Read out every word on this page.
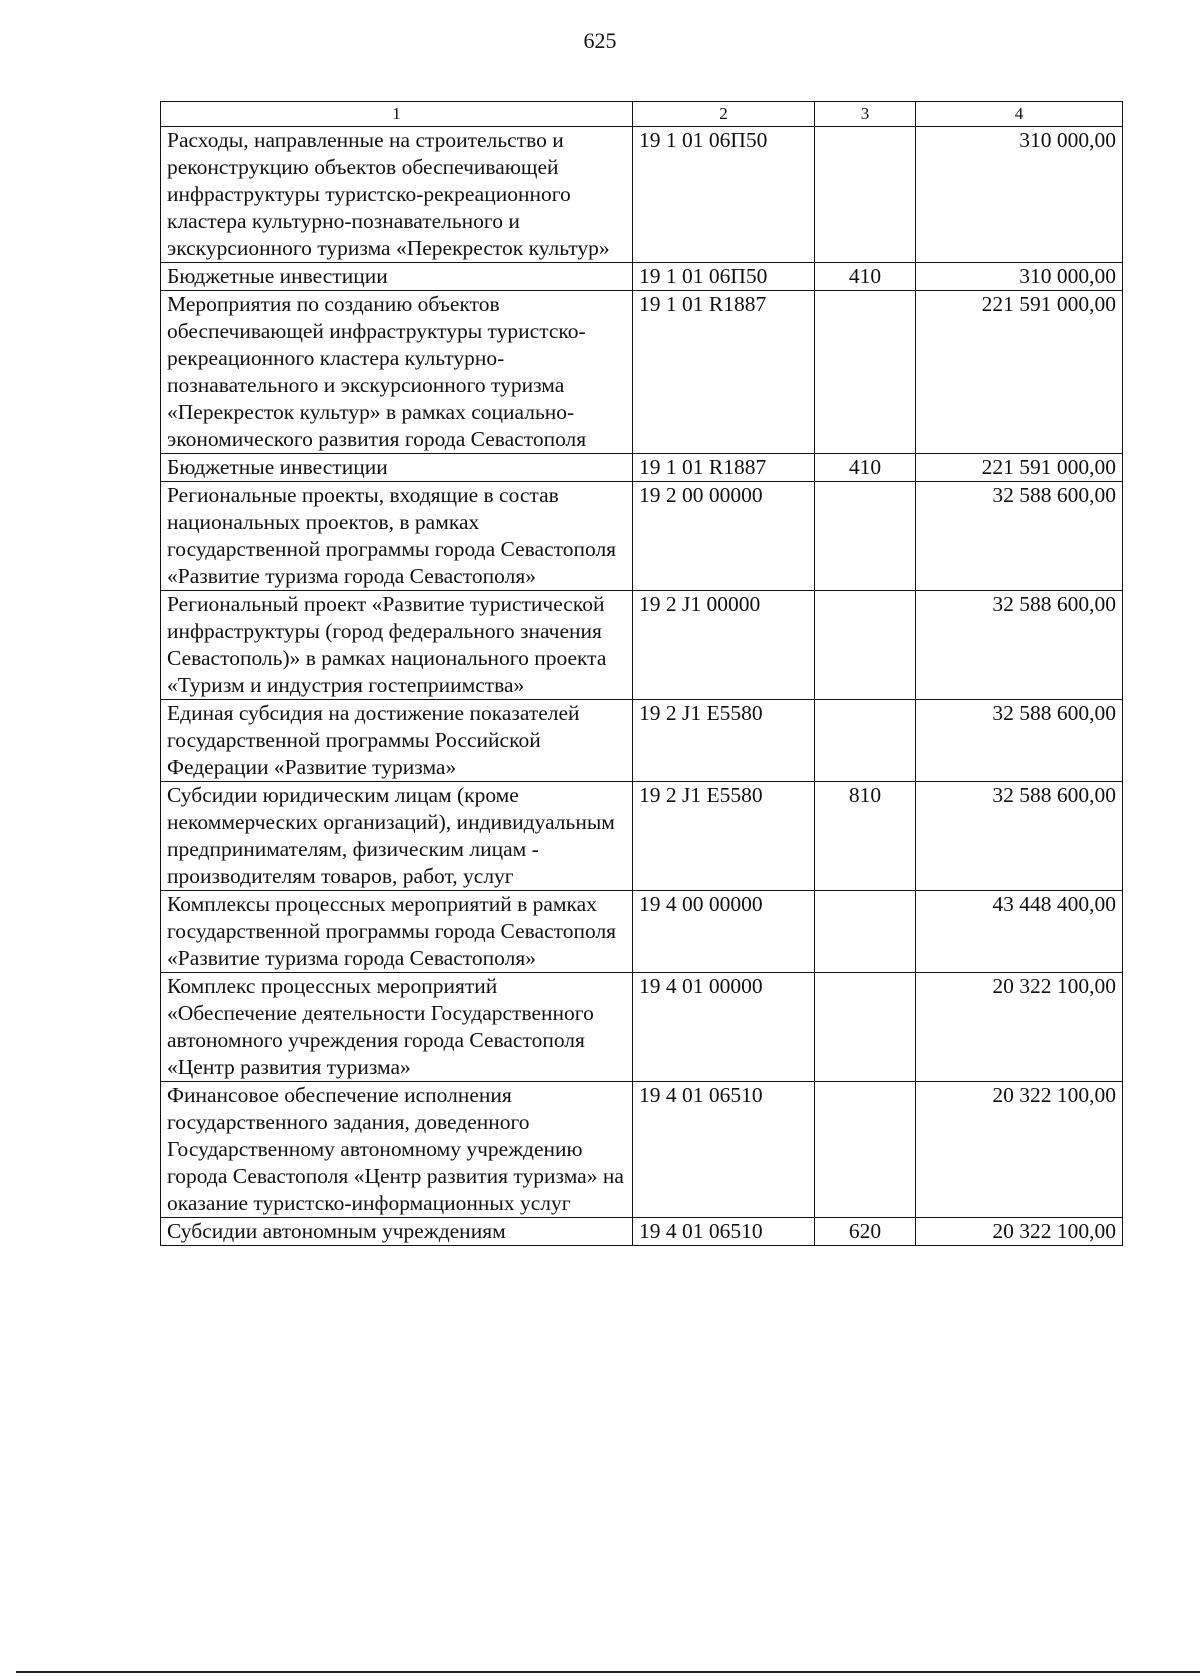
625
1	2	3	4
Расходы, направленные на строительство и реконструкцию объектов обеспечивающей инфраструктуры туристско-рекреационного кластера культурно-познавательного и экскурсионного туризма «Перекресток культур»	19 1 01 06П50		310 000,00
Бюджетные инвестиции	19 1 01 06П50	410	310 000,00
Мероприятия по созданию объектов обеспечивающей инфраструктуры туристско-рекреационного кластера культурно-познавательного и экскурсионного туризма «Перекресток культур» в рамках социально-экономического развития города Севастополя	19 1 01 R1887		221 591 000,00
Бюджетные инвестиции	19 1 01 R1887	410	221 591 000,00
Региональные проекты, входящие в состав национальных проектов, в рамках государственной программы города Севастополя «Развитие туризма города Севастополя»	19 2 00 00000		32 588 600,00
Региональный проект «Развитие туристической инфраструктуры (город федерального значения Севастополь)» в рамках национального проекта «Туризм и индустрия гостеприимства»	19 2 J1 00000		32 588 600,00
Единая субсидия на достижение показателей государственной программы Российской Федерации «Развитие туризма»	19 2 J1 E5580		32 588 600,00
Субсидии юридическим лицам (кроме некоммерческих организаций), индивидуальным предпринимателям, физическим лицам - производителям товаров, работ, услуг	19 2 J1 E5580	810	32 588 600,00
Комплексы процессных мероприятий в рамках государственной программы города Севастополя «Развитие туризма города Севастополя»	19 4 00 00000		43 448 400,00
Комплекс процессных мероприятий «Обеспечение деятельности Государственного автономного учреждения города Севастополя «Центр развития туризма»	19 4 01 00000		20 322 100,00
Финансовое обеспечение исполнения государственного задания, доведенного Государственному автономному учреждению города Севастополя «Центр развития туризма» на оказание туристско-информационных услуг	19 4 01 06510		20 322 100,00
Субсидии автономным учреждениям	19 4 01 06510	620	20 322 100,00
